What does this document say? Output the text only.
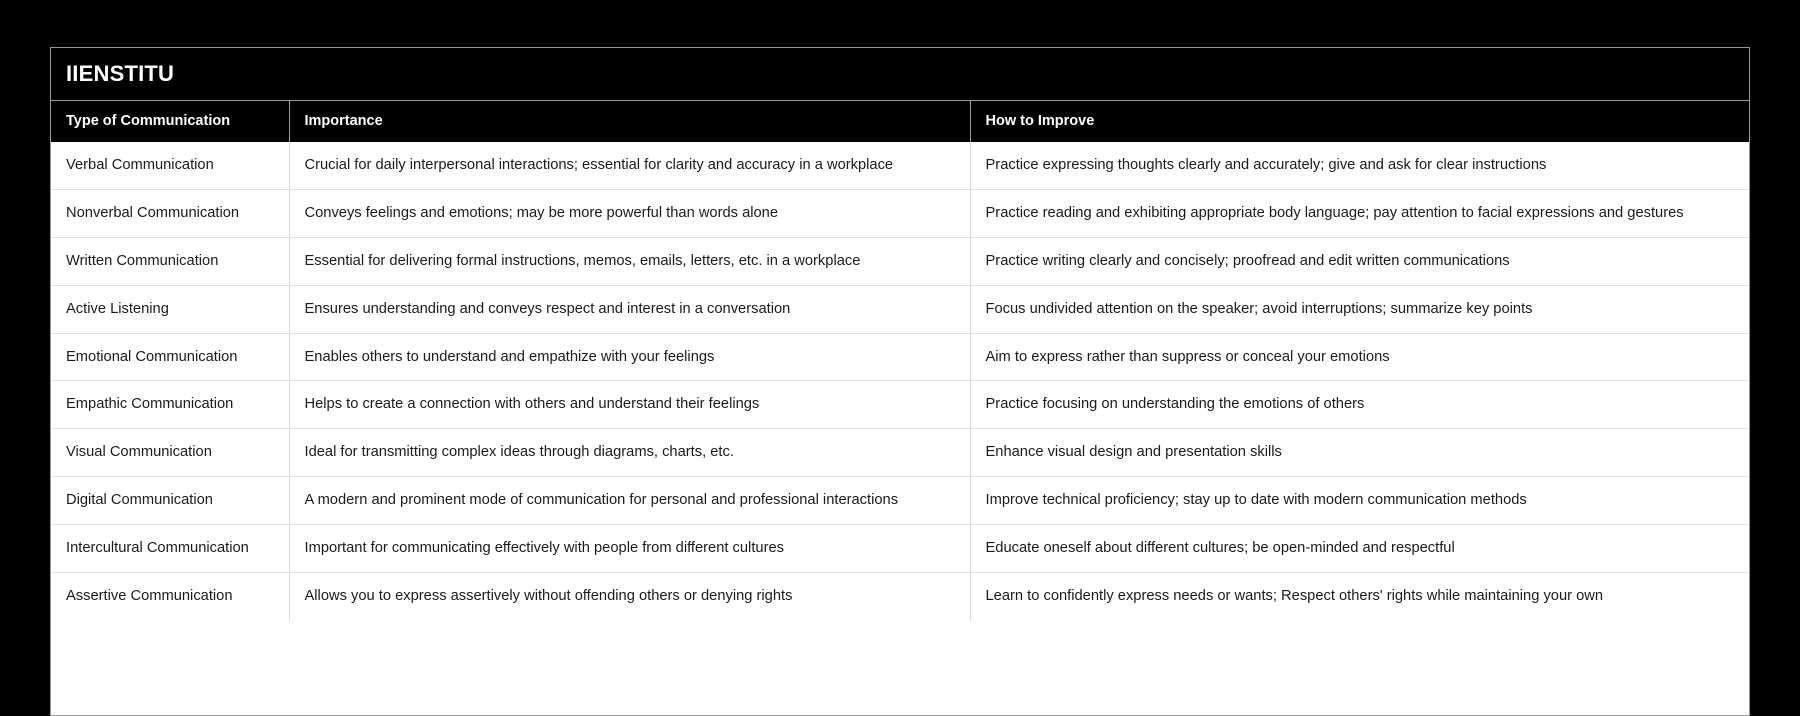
IIENSTITU
Type of Communication	Importance	How to Improve
Verbal Communication	Crucial for daily interpersonal interactions; essential for clarity and accuracy in a workplace	Practice expressing thoughts clearly and accurately; give and ask for clear instructions
Nonverbal Communication	Conveys feelings and emotions; may be more powerful than words alone	Practice reading and exhibiting appropriate body language; pay attention to facial expressions and gestures
Written Communication	Essential for delivering formal instructions, memos, emails, letters, etc. in a workplace	Practice writing clearly and concisely; proofread and edit written communications
Active Listening	Ensures understanding and conveys respect and interest in a conversation	Focus undivided attention on the speaker; avoid interruptions; summarize key points
Emotional Communication	Enables others to understand and empathize with your feelings	Aim to express rather than suppress or conceal your emotions
Empathic Communication	Helps to create a connection with others and understand their feelings	Practice focusing on understanding the emotions of others
Visual Communication	Ideal for transmitting complex ideas through diagrams, charts, etc.	Enhance visual design and presentation skills
Digital Communication	A modern and prominent mode of communication for personal and professional interactions	Improve technical proficiency; stay up to date with modern communication methods
Intercultural Communication	Important for communicating effectively with people from different cultures	Educate oneself about different cultures; be open-minded and respectful
Assertive Communication	Allows you to express assertively without offending others or denying rights	Learn to confidently express needs or wants; Respect others' rights while maintaining your own
